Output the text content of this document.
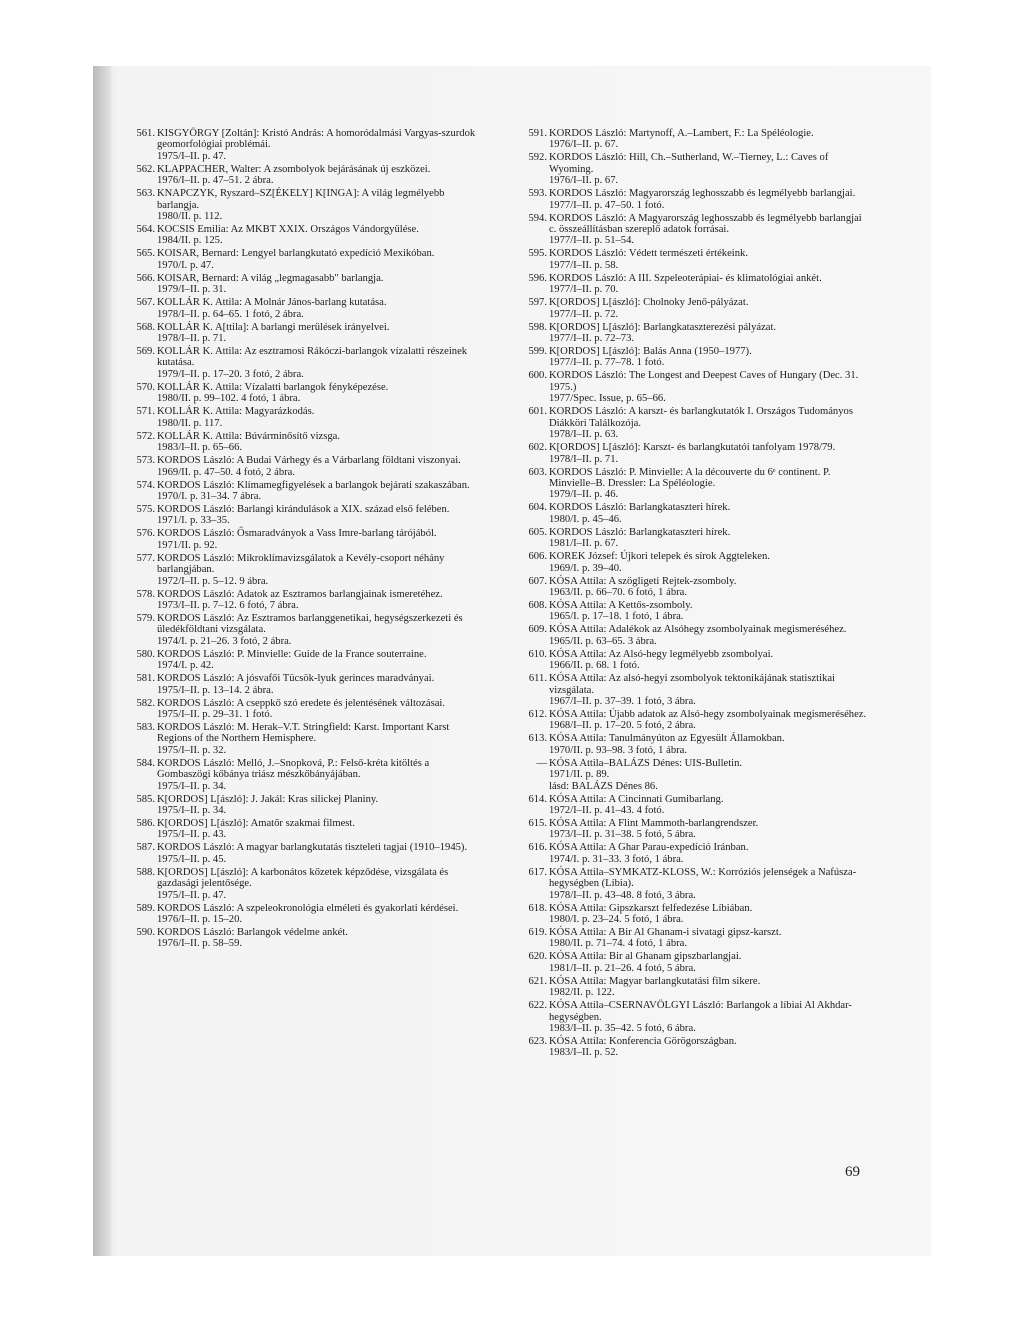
561. KISGYÖRGY [Zoltán]: Kristó András: A homoródalmási Vargyas-szurdok geomorfológiai problémái.
1975/I–II. p. 47.
562. KLAPPACHER, Walter: A zsombolyok bejárásának új eszközei.
1976/I–II. p. 47–51. 2 ábra.
563. KNAPCZYK, Ryszard–SZ[ÉKELY] K[INGA]: A világ legmélyebb barlangja.
1980/II. p. 112.
564. KOCSIS Emilia: Az MKBT XXIX. Országos Vándorgyűlése.
1984/II. p. 125.
565. KOISAR, Bernard: Lengyel barlangkutató expedíció Mexikóban.
1970/I. p. 47.
566. KOISAR, Bernard: A világ „legmagasabb" barlangja.
1979/I–II. p. 31.
567. KOLLÁR K. Attila: A Molnár János-barlang kutatása.
1978/I–II. p. 64–65. 1 fotó, 2 ábra.
568. KOLLÁR K. A[ttila]: A barlangi merülések irányelvei.
1978/I–II. p. 71.
569. KOLLÁR K. Attila: Az esztramosi Rákóczi-barlangok vízalatti részeinek kutatása.
1979/I–II. p. 17–20. 3 fotó, 2 ábra.
570. KOLLÁR K. Attila: Vízalatti barlangok fényképezése.
1980/II. p. 99–102. 4 fotó, 1 ábra.
571. KOLLÁR K. Attila: Magyarázkodás.
1980/II. p. 117.
572. KOLLÁR K. Attila: Búvárminősítő vizsga.
1983/I–II. p. 65–66.
573. KORDOS László: A Budai Várhegy és a Várbarlang földtani viszonyai.
1969/II. p. 47–50. 4 fotó, 2 ábra.
574. KORDOS László: Klímamegfigyelések a barlangok bejárati szakaszában.
1970/I. p. 31–34. 7 ábra.
575. KORDOS László: Barlangi kirándulások a XIX. század első felében.
1971/I. p. 33–35.
576. KORDOS László: Ősmaradványok a Vass Imre-barlang tárójából.
1971/II. p. 92.
577. KORDOS László: Mikroklímavizsgálatok a Kevély-csoport néhány barlangjában.
1972/I–II. p. 5–12. 9 ábra.
578. KORDOS László: Adatok az Esztramos barlangjainak ismeretéhez.
1973/I–II. p. 7–12. 6 fotó, 7 ábra.
579. KORDOS László: Az Esztramos barlanggenetikai, hegységszerkezeti és üledékföldtani vizsgálata.
1974/I. p. 21–26. 3 fotó, 2 ábra.
580. KORDOS László: P. Minvielle: Guide de la France souterraine.
1974/I. p. 42.
581. KORDOS László: A jósvafői Tücsök-lyuk gerinces maradványai.
1975/I–II. p. 13–14. 2 ábra.
582. KORDOS László: A cseppkő szó eredete és jelentésének változásai.
1975/I–II. p. 29–31. 1 fotó.
583. KORDOS László: M. Herak–V.T. Stringfield: Karst. Important Karst Regions of the Northern Hemisphere.
1975/I–II. p. 32.
584. KORDOS László: Melló, J.–Snopková, P.: Felső-kréta kitöltés a Gombaszögi kőbánya triász mészkőbányájában.
1975/I–II. p. 34.
585. K[ORDOS] L[ászló]: J. Jakál: Kras silickej Planiny.
1975/I–II. p. 34.
586. K[ORDOS] L[ászló]: Amatőr szakmai filmest.
1975/I–II. p. 43.
587. KORDOS László: A magyar barlangkutatás tiszteleti tagjai (1910–1945).
1975/I–II. p. 45.
588. K[ORDOS] L[ászló]: A karbonátos kőzetek képződése, vizsgálata és gazdasági jelentősége.
1975/I–II. p. 47.
589. KORDOS László: A szpeleokronológia elméleti és gyakorlati kérdései.
1976/I–II. p. 15–20.
590. KORDOS László: Barlangok védelme ankét.
1976/I–II. p. 58–59.
591. KORDOS László: Martynoff, A.–Lambert, F.: La Spéléologie.
1976/I–II. p. 67.
592. KORDOS László: Hill, Ch.–Sutherland, W.–Tierney, L.: Caves of Wyoming.
1976/I–II. p. 67.
593. KORDOS László: Magyarország leghosszabb és legmélyebb barlangjai.
1977/I–II. p. 47–50. 1 fotó.
594. KORDOS László: A Magyarország leghosszabb és legmélyebb barlangjai c. összeállításban szereplő adatok forrásai.
1977/I–II. p. 51–54.
595. KORDOS László: Védett természeti értékeink.
1977/I–II. p. 58.
596. KORDOS László: A III. Szpeleoterápiai- és klimatológiai ankét.
1977/I–II. p. 70.
597. K[ORDOS] L[ászló]: Cholnoky Jenő-pályázat.
1977/I–II. p. 72.
598. K[ORDOS] L[ászló]: Barlangkataszterezési pályázat.
1977/I–II. p. 72–73.
599. K[ORDOS] L[ászló]: Balás Anna (1950–1977).
1977/I–II. p. 77–78. 1 fotó.
600. KORDOS László: The Longest and Deepest Caves of Hungary (Dec. 31. 1975.)
1977/Spec. Issue, p. 65–66.
601. KORDOS László: A karszt- és barlangkutatók I. Országos Tudományos Diákköri Találkozója.
1978/I–II. p. 63.
602. K[ORDOS] L[ászló]: Karszt- és barlangkutatói tanfolyam 1978/79.
1978/I–II. p. 71.
603. KORDOS László: P. Minvielle: A la découverte du 6ᵉ continent. P. Minvielle–B. Dressler: La Spéléologie.
1979/I–II. p. 46.
604. KORDOS László: Barlangkataszteri hírek.
1980/I. p. 45–46.
605. KORDOS László: Barlangkataszteri hírek.
1981/I–II. p. 67.
606. KOREK József: Újkori telepek és sírok Aggteleken.
1969/I. p. 39–40.
607. KÓSA Attila: A szögligeti Rejtek-zsomboly.
1963/II. p. 66–70. 6 fotó, 1 ábra.
608. KÓSA Attila: A Kettős-zsomboly.
1965/I. p. 17–18. 1 fotó, 1 ábra.
609. KÓSA Attila: Adalékok az Alsóhegy zsombolyainak megismeréséhez.
1965/II. p. 63–65. 3 ábra.
610. KÓSA Attila: Az Alsó-hegy legmélyebb zsombolyai.
1966/II. p. 68. 1 fotó.
611. KÓSA Attila: Az alsó-hegyi zsombolyok tektonikájának statisztikai vizsgálata.
1967/I–II. p. 37–39. 1 fotó, 3 ábra.
612. KÓSA Attila: Újabb adatok az Alsó-hegy zsombolyainak megismeréséhez.
1968/I–II. p. 17–20. 5 fotó, 2 ábra.
613. KÓSA Attila: Tanulmányúton az Egyesült Államokban.
1970/II. p. 93–98. 3 fotó, 1 ábra.
— KÓSA Attila–BALÁZS Dénes: UIS-Bulletin.
1971/II. p. 89.
lásd: BALÁZS Dénes 86.
614. KÓSA Attila: A Cincinnati Gumibarlang.
1972/I–II. p. 41–43. 4 fotó.
615. KÓSA Attila: A Flint Mammoth-barlangrendszer.
1973/I–II. p. 31–38. 5 fotó, 5 ábra.
616. KÓSA Attila: A Ghar Parau-expedíció Iránban.
1974/I. p. 31–33. 3 fotó, 1 ábra.
617. KÓSA Attila–SYMKATZ-KLOSS, W.: Korróziós jelenségek a Nafúsza-hegységben (Líbia).
1978/I–II. p. 43–48. 8 fotó, 3 ábra.
618. KÓSA Attila: Gipszkarszt felfedezése Líbiában.
1980/I. p. 23–24. 5 fotó, 1 ábra.
619. KÓSA Attila: A Bir Al Ghanam-i sivatagi gipsz-karszt.
1980/II. p. 71–74. 4 fotó, 1 ábra.
620. KÓSA Attila: Bir al Ghanam gipszbarlangjai.
1981/I–II. p. 21–26. 4 fotó, 5 ábra.
621. KÓSA Attila: Magyar barlangkutatási film sikere.
1982/II. p. 122.
622. KÓSA Attila–CSERNAVÖLGYI László: Barlangok a líbiai Al Akhdar-hegységben.
1983/I–II. p. 35–42. 5 fotó, 6 ábra.
623. KÓSA Attila: Konferencia Görögországban.
1983/I–II. p. 52.
69
